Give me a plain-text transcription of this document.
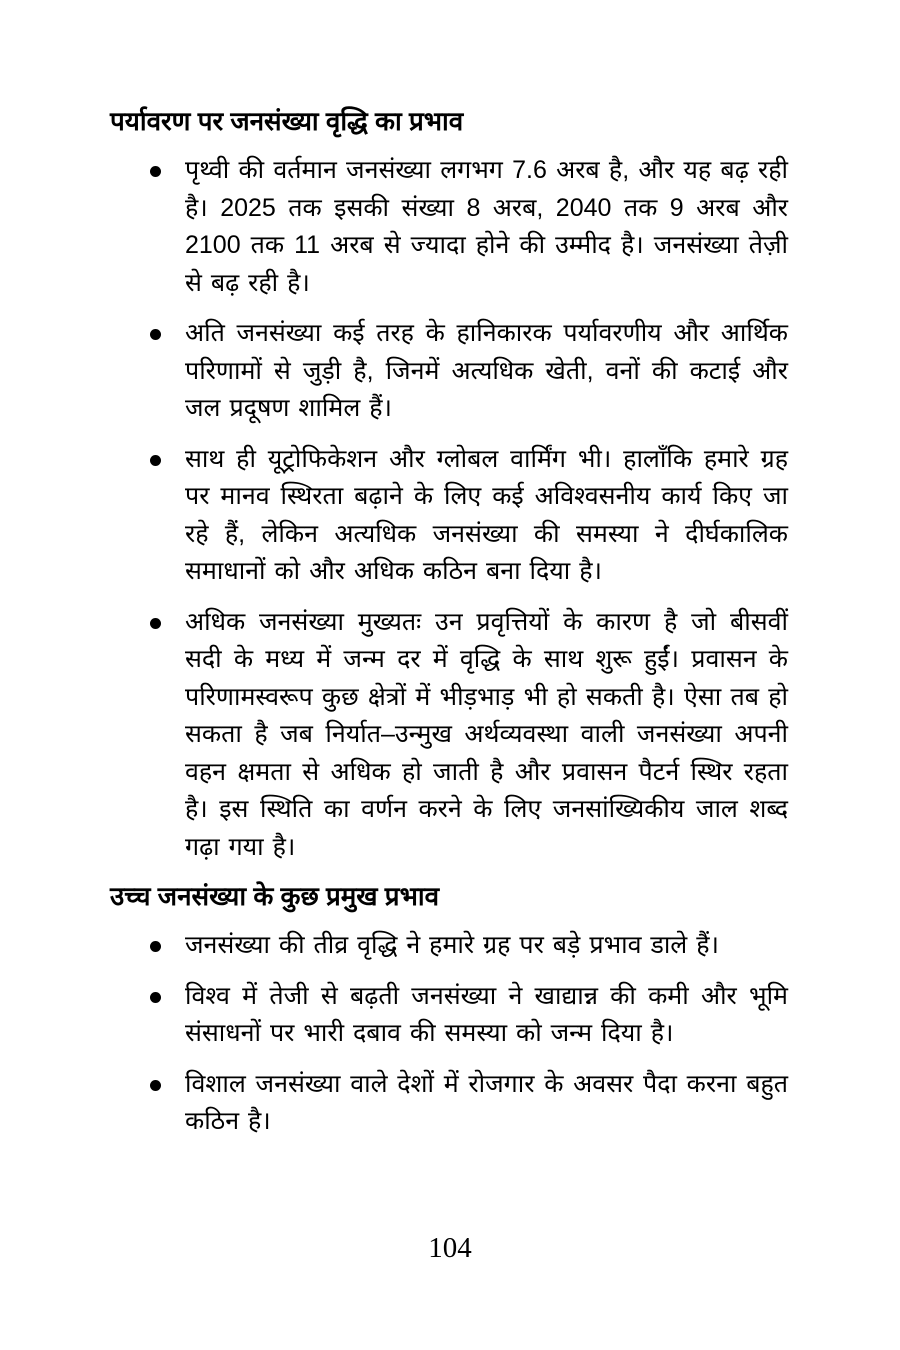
पर्यावरण पर जनसंख्या वृद्धि का प्रभाव
पृथ्वी की वर्तमान जनसंख्या लगभग 7.6 अरब है, और यह बढ़ रही है। 2025 तक इसकी संख्या 8 अरब, 2040 तक 9 अरब और 2100 तक 11 अरब से ज्यादा होने की उम्मीद है। जनसंख्या तेज़ी से बढ़ रही है।
अति जनसंख्या कई तरह के हानिकारक पर्यावरणीय और आर्थिक परिणामों से जुड़ी है, जिनमें अत्यधिक खेती, वनों की कटाई और जल प्रदूषण शामिल हैं।
साथ ही यूट्रोफिकेशन और ग्लोबल वार्मिंग भी। हालाँकि हमारे ग्रह पर मानव स्थिरता बढ़ाने के लिए कई अविश्वसनीय कार्य किए जा रहे हैं, लेकिन अत्यधिक जनसंख्या की समस्या ने दीर्घकालिक समाधानों को और अधिक कठिन बना दिया है।
अधिक जनसंख्या मुख्यतः उन प्रवृत्तियों के कारण है जो बीसवीं सदी के मध्य में जन्म दर में वृद्धि के साथ शुरू हुईं। प्रवासन के परिणामस्वरूप कुछ क्षेत्रों में भीड़भाड़ भी हो सकती है। ऐसा तब हो सकता है जब निर्यात–उन्मुख अर्थव्यवस्था वाली जनसंख्या अपनी वहन क्षमता से अधिक हो जाती है और प्रवासन पैटर्न स्थिर रहता है। इस स्थिति का वर्णन करने के लिए जनसांख्यिकीय जाल शब्द गढ़ा गया है।
उच्च जनसंख्या के कुछ प्रमुख प्रभाव
जनसंख्या की तीव्र वृद्धि ने हमारे ग्रह पर बड़े प्रभाव डाले हैं।
विश्व में तेजी से बढ़ती जनसंख्या ने खाद्यान्न की कमी और भूमि संसाधनों पर भारी दबाव की समस्या को जन्म दिया है।
विशाल जनसंख्या वाले देशों में रोजगार के अवसर पैदा करना बहुत कठिन है।
104
